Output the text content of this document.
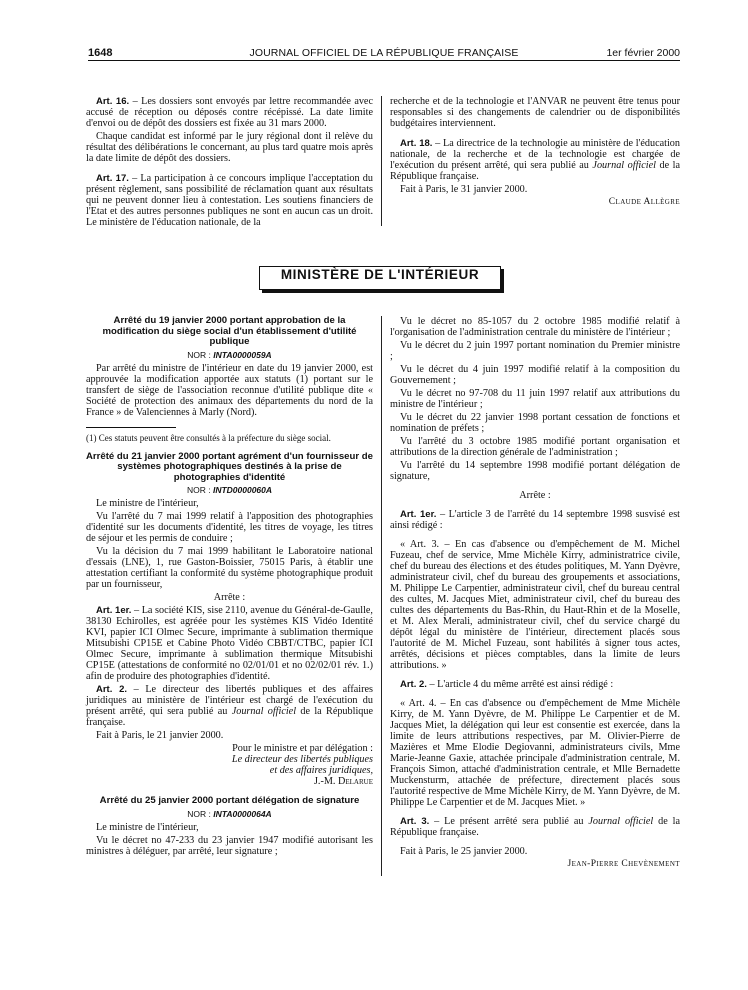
1648	JOURNAL OFFICIEL DE LA RÉPUBLIQUE FRANÇAISE	1er février 2000

Art. 16. – Les dossiers sont envoyés par lettre recommandée avec accusé de réception ou déposés contre récépissé. La date limite d'envoi ou de dépôt des dossiers est fixée au 31 mars 2000.

Chaque candidat est informé par le jury régional dont il relève du résultat des délibérations le concernant, au plus tard quatre mois après la date limite de dépôt des dossiers.

Art. 17. – La participation à ce concours implique l'acceptation du présent règlement, sans possibilité de réclamation quant aux résultats qui ne peuvent donner lieu à contestation. Les soutiens financiers de l'Etat et des autres personnes publiques ne sont en aucun cas un droit. Le ministère de l'éducation nationale, de la

recherche et de la technologie et l'ANVAR ne peuvent être tenus pour responsables si des changements de calendrier ou de disponibilités budgétaires interviennent.

Art. 18. – La directrice de la technologie au ministère de l'éducation nationale, de la recherche et de la technologie est chargée de l'exécution du présent arrêté, qui sera publié au Journal officiel de la République française.

Fait à Paris, le 31 janvier 2000.

Claude Allègre

MINISTÈRE DE L'INTÉRIEUR

Arrêté du 19 janvier 2000 portant approbation de la modification du siège social d'un établissement d'utilité publique

NOR : INTA0000059A

Par arrêté du ministre de l'intérieur en date du 19 janvier 2000, est approuvée la modification apportée aux statuts (1) portant sur le transfert de siège de l'association reconnue d'utilité publique dite « Société de protection des animaux des départements du nord de la France » de Valenciennes à Marly (Nord).

(1) Ces statuts peuvent être consultés à la préfecture du siège social.

Arrêté du 21 janvier 2000 portant agrément d'un fournisseur de systèmes photographiques destinés à la prise de photographies d'identité

NOR : INTD0000060A

Le ministre de l'intérieur,

Vu l'arrêté du 7 mai 1999 relatif à l'apposition des photographies d'identité sur les documents d'identité, les titres de voyage, les titres de séjour et les permis de conduire ;

Vu la décision du 7 mai 1999 habilitant le Laboratoire national d'essais (LNE), 1, rue Gaston-Boissier, 75015 Paris, à établir une attestation certifiant la conformité du système photographique produit par un fournisseur,

Arrête :

Art. 1er. – La société KIS, sise 2110, avenue du Général-de-Gaulle, 38130 Echirolles, est agréée pour les systèmes KIS Vidéo Identité KVI, papier ICI Olmec Secure, imprimante à sublimation thermique Mitsubishi CP15E et Cabine Photo Vidéo CBBT/CTBC, papier ICI Olmec Secure, imprimante à sublimation thermique Mitsubishi CP15E (attestations de conformité no 02/01/01 et no 02/02/01 rév. 1.) afin de produire des photographies d'identité.

Art. 2. – Le directeur des libertés publiques et des affaires juridiques au ministère de l'intérieur est chargé de l'exécution du présent arrêté, qui sera publié au Journal officiel de la République française.

Fait à Paris, le 21 janvier 2000.

Pour le ministre et par délégation :
Le directeur des libertés publiques
et des affaires juridiques,
J.-M. Delarue

Arrêté du 25 janvier 2000 portant délégation de signature

NOR : INTA0000064A

Le ministre de l'intérieur,

Vu le décret no 47-233 du 23 janvier 1947 modifié autorisant les ministres à déléguer, par arrêté, leur signature ;

Vu le décret no 85-1057 du 2 octobre 1985 modifié relatif à l'organisation de l'administration centrale du ministère de l'intérieur ;

Vu le décret du 2 juin 1997 portant nomination du Premier ministre ;

Vu le décret du 4 juin 1997 modifié relatif à la composition du Gouvernement ;

Vu le décret no 97-708 du 11 juin 1997 relatif aux attributions du ministre de l'intérieur ;

Vu le décret du 22 janvier 1998 portant cessation de fonctions et nomination de préfets ;

Vu l'arrêté du 3 octobre 1985 modifié portant organisation et attributions de la direction générale de l'administration ;

Vu l'arrêté du 14 septembre 1998 modifié portant délégation de signature,

Arrête :

Art. 1er. – L'article 3 de l'arrêté du 14 septembre 1998 susvisé est ainsi rédigé :

« Art. 3. – En cas d'absence ou d'empêchement de M. Michel Fuzeau, chef de service, Mme Michèle Kirry, administratrice civile, chef du bureau des élections et des études politiques, M. Yann Dyèvre, administrateur civil, chef du bureau des groupements et associations, M. Philippe Le Carpentier, administrateur civil, chef du bureau central des cultes, M. Jacques Miet, administrateur civil, chef du bureau des cultes des départements du Bas-Rhin, du Haut-Rhin et de la Moselle, et M. Alex Merali, administrateur civil, chef du service chargé du dépôt légal du ministère de l'intérieur, directement placés sous l'autorité de M. Michel Fuzeau, sont habilités à signer tous actes, arrêtés, décisions et pièces comptables, dans la limite de leurs attributions. »

Art. 2. – L'article 4 du même arrêté est ainsi rédigé :

« Art. 4. – En cas d'absence ou d'empêchement de Mme Michèle Kirry, de M. Yann Dyèvre, de M. Philippe Le Carpentier et de M. Jacques Miet, la délégation qui leur est consentie est exercée, dans la limite de leurs attributions respectives, par M. Olivier-Pierre de Mazières et Mme Elodie Degiovanni, administrateurs civils, Mme Marie-Jeanne Gaxie, attachée principale d'administration centrale, M. François Simon, attaché d'administration centrale, et Mlle Bernadette Muckensturm, attachée de préfecture, directement placés sous l'autorité respective de Mme Michèle Kirry, de M. Yann Dyèvre, de M. Philippe Le Carpentier et de M. Jacques Miet. »

Art. 3. – Le présent arrêté sera publié au Journal officiel de la République française.

Fait à Paris, le 25 janvier 2000.

Jean-Pierre Chevènement
